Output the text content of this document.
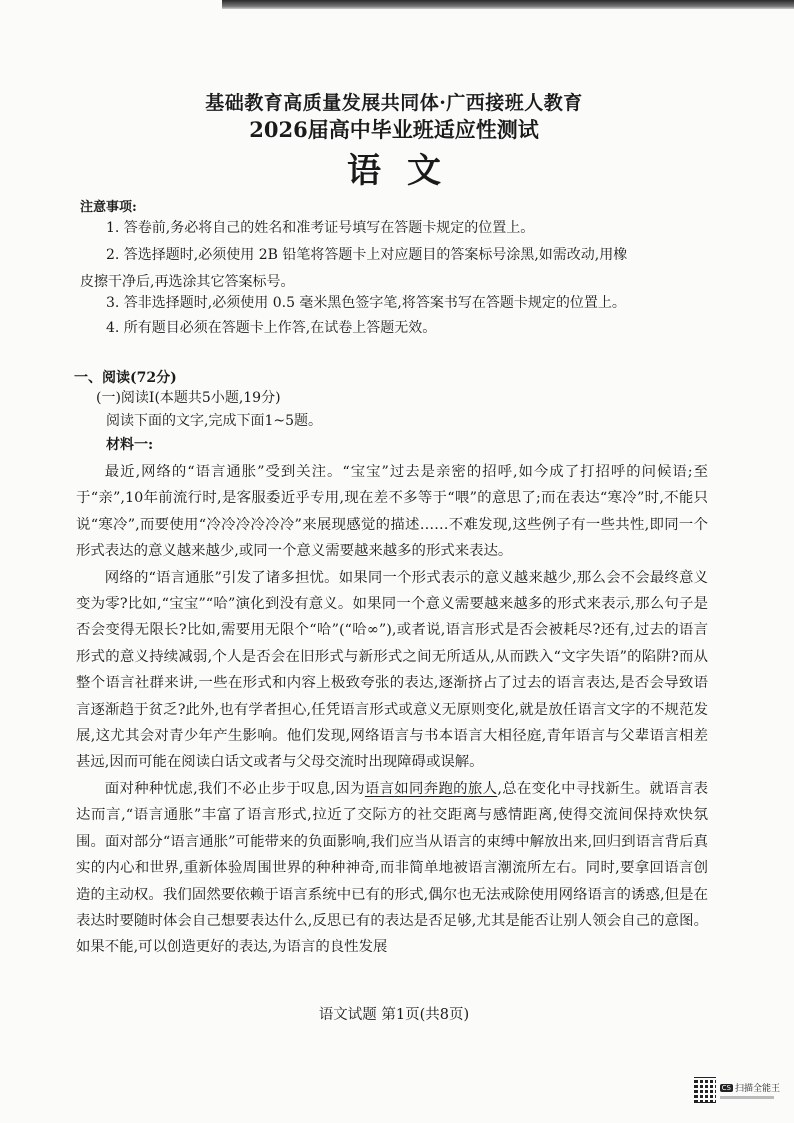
基础教育高质量发展共同体·广西接班人教育
2026届高中毕业班适应性测试
语文
注意事项:
1. 答卷前,务必将自己的姓名和准考证号填写在答题卡规定的位置上。
2. 答选择题时,必须使用 2B 铅笔将答题卡上对应题目的答案标号涂黑,如需改动,用橡
皮擦干净后,再选涂其它答案标号。
3. 答非选择题时,必须使用 0.5 毫米黑色签字笔,将答案书写在答题卡规定的位置上。
4. 所有题目必须在答题卡上作答,在试卷上答题无效。
一、阅读(72分)
(一)阅读Ⅰ(本题共5小题,19分)
阅读下面的文字,完成下面1~5题。
材料一:

最近,网络的“语言通胀”受到关注。“宝宝”过去是亲密的招呼,如今成了打招呼的问候语;至于“亲”,10年前流行时,是客服委近乎专用,现在差不多等于“喂”的意思了;而在表达“寒冷”时,不能只说“寒冷”,而要使用“冷冷冷冷冷冷”来展现感觉的描述……不难发现,这些例子有一些共性,即同一个形式表达的意义越来越少,或同一个意义需要越来越多的形式来表达。

网络的“语言通胀”引发了诸多担忧。如果同一个形式表示的意义越来越少,那么会不会最终意义变为零?比如,“宝宝”“哈”演化到没有意义。如果同一个意义需要越来越多的形式来表示,那么句子是否会变得无限长?比如,需要用无限个“哈”(“哈∞”),或者说,语言形式是否会被耗尽?还有,过去的语言形式的意义持续减弱,个人是否会在旧形式与新形式之间无所适从,从而跌入“文字失语”的陷阱?而从整个语言社群来讲,一些在形式和内容上极致夸张的表达,逐渐挤占了过去的语言表达,是否会导致语言逐渐趋于贫乏?此外,也有学者担心,任凭语言形式或意义无原则变化,就是放任语言文字的不规范发展,这尤其会对青少年产生影响。他们发现,网络语言与书本语言大相径庭,青年语言与父辈语言相差甚远,因而可能在阅读白话文或者与父母交流时出现障碍或误解。

面对种种忧虑,我们不必止步于叹息,因为语言如同奔跑的旅人,总在变化中寻找新生。就语言表达而言,“语言通胀”丰富了语言形式,拉近了交际方的社交距离与感情距离,使得交流间保持欢快氛围。面对部分“语言通胀”可能带来的负面影响,我们应当从语言的束缚中解放出来,回归到语言背后真实的内心和世界,重新体验周围世界的种种神奇,而非简单地被语言潮流所左右。同时,要拿回语言创造的主动权。我们固然要依赖于语言系统中已有的形式,偶尔也无法戒除使用网络语言的诱惑,但是在表达时要随时体会自己想要表达什么,反思已有的表达是否足够,尤其是能否让别人领会自己的意图。如果不能,可以创造更好的表达,为语言的良性发展

语文试题 第1页(共8页)
CS 扫描全能王
